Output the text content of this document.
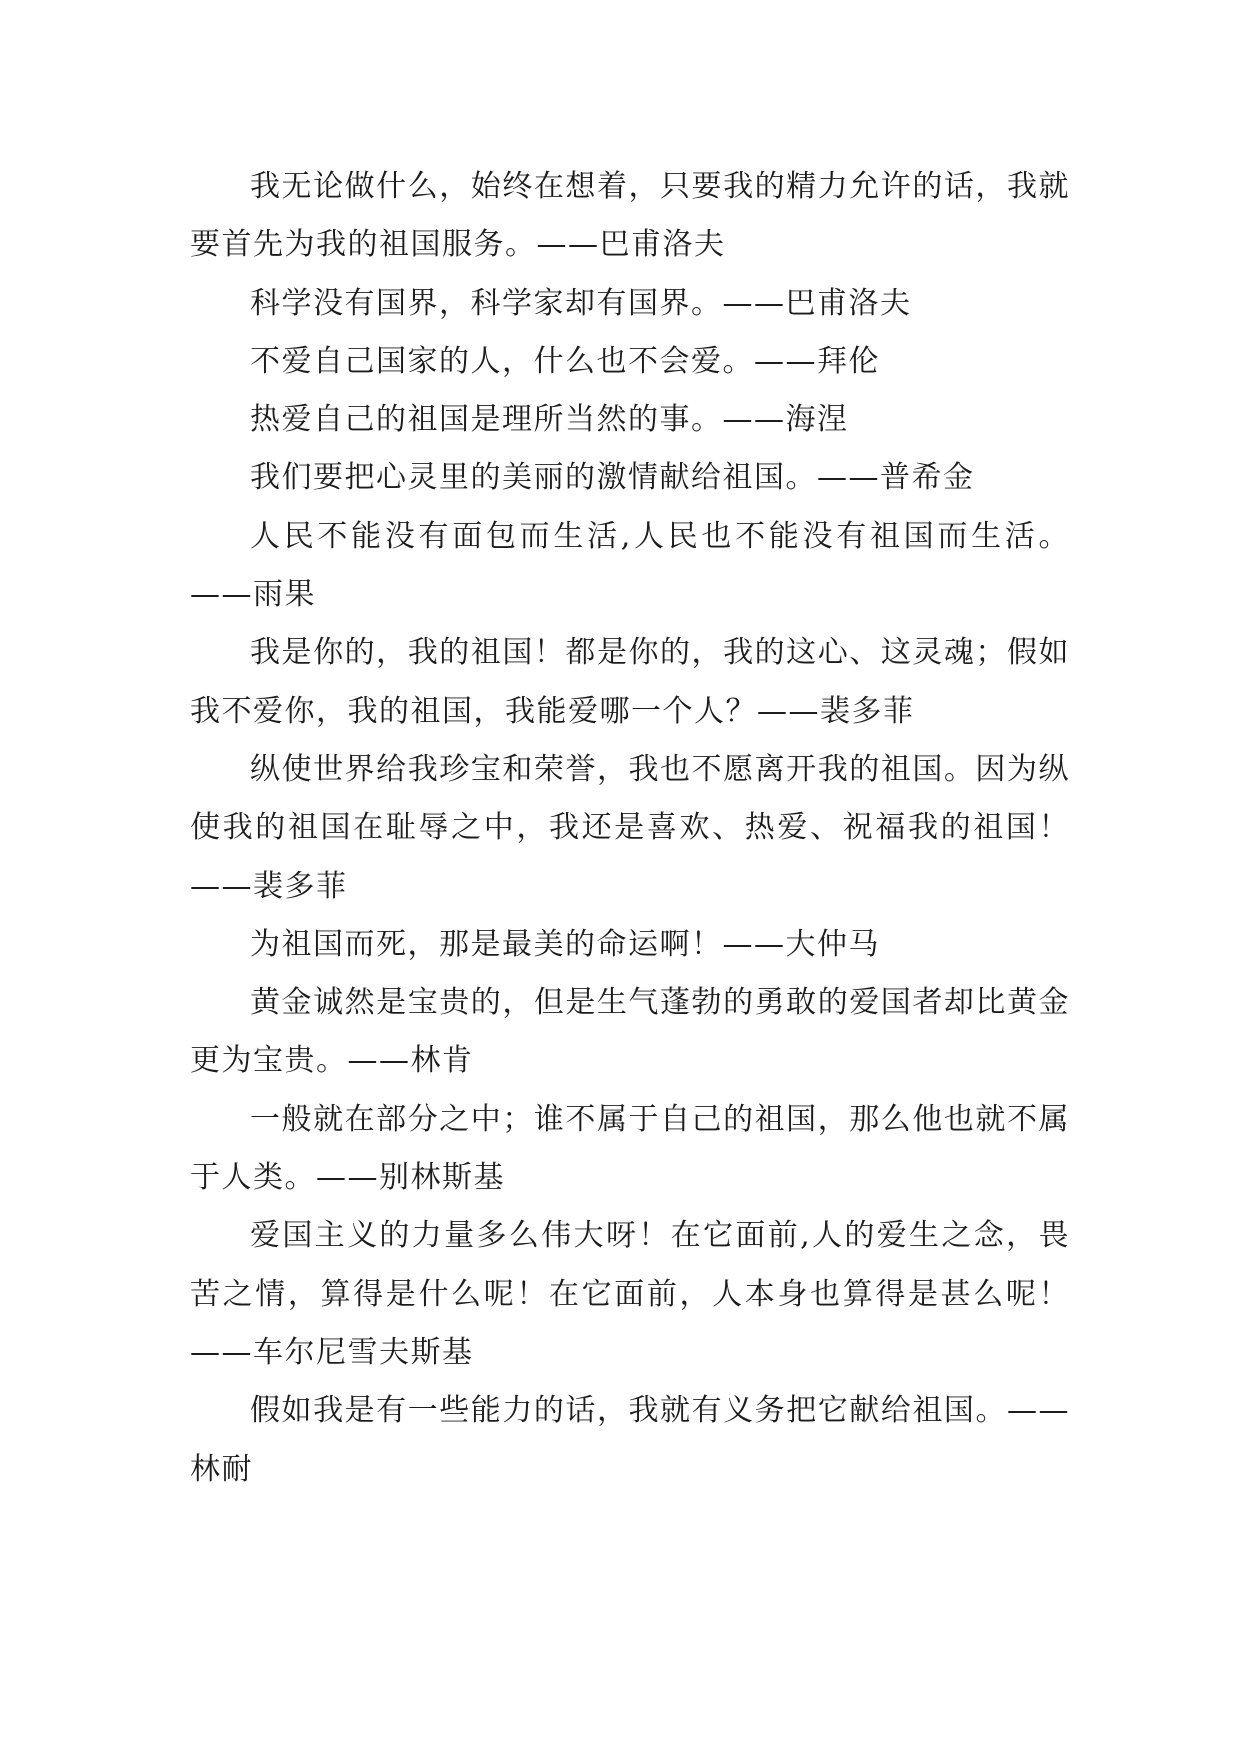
我无论做什么，始终在想着，只要我的精力允许的话，我就要首先为我的祖国服务。——巴甫洛夫

科学没有国界，科学家却有国界。——巴甫洛夫

不爱自己国家的人，什么也不会爱。——拜伦

热爱自己的祖国是理所当然的事。——海涅

我们要把心灵里的美丽的激情献给祖国。——普希金

人民不能没有面包而生活,人民也不能没有祖国而生活。——雨果

我是你的，我的祖国！都是你的，我的这心、这灵魂；假如我不爱你，我的祖国，我能爱哪一个人？——裴多菲

纵使世界给我珍宝和荣誉，我也不愿离开我的祖国。因为纵使我的祖国在耻辱之中，我还是喜欢、热爱、祝福我的祖国！——裴多菲

为祖国而死，那是最美的命运啊！——大仲马

黄金诚然是宝贵的，但是生气蓬勃的勇敢的爱国者却比黄金更为宝贵。——林肯

一般就在部分之中；谁不属于自己的祖国，那么他也就不属于人类。——别林斯基

爱国主义的力量多么伟大呀！在它面前,人的爱生之念，畏苦之情，算得是什么呢！在它面前，人本身也算得是甚么呢！——车尔尼雪夫斯基

假如我是有一些能力的话，我就有义务把它献给祖国。——林耐
